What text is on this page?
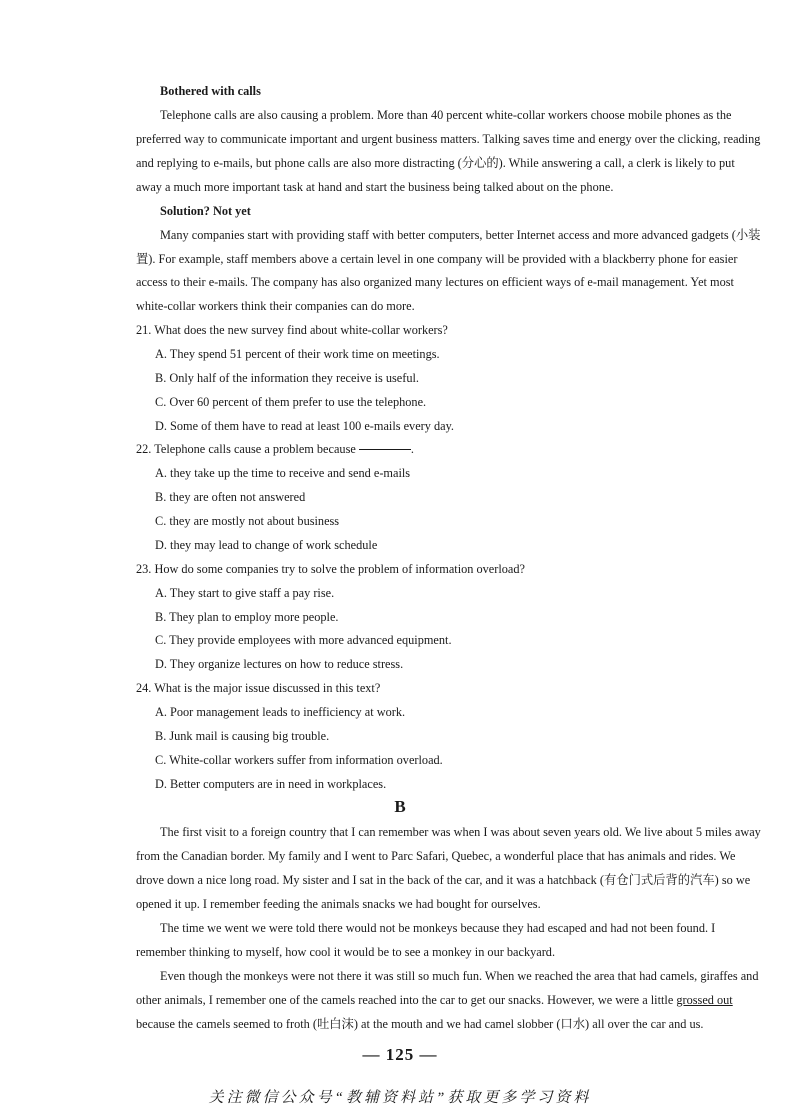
Bothered with calls
Telephone calls are also causing a problem. More than 40 percent white-collar workers choose mobile phones as the
preferred way to communicate important and urgent business matters. Talking saves time and energy over the clicking, reading
and replying to e-mails, but phone calls are also more distracting (分心的). While answering a call, a clerk is likely to put
away a much more important task at hand and start the business being talked about on the phone.
Solution? Not yet
Many companies start with providing staff with better computers, better Internet access and more advanced gadgets (小装
置). For example, staff members above a certain level in one company will be provided with a blackberry phone for easier
access to their e-mails. The company has also organized many lectures on efficient ways of e-mail management. Yet most
white-collar workers think their companies can do more.
21. What does the new survey find about white-collar workers?
A. They spend 51 percent of their work time on meetings.
B. Only half of the information they receive is useful.
C. Over 60 percent of them prefer to use the telephone.
D. Some of them have to read at least 100 e-mails every day.
22. Telephone calls cause a problem because	.
A. they take up the time to receive and send e-mails
B. they are often not answered
C. they are mostly not about business
D. they may lead to change of work schedule
23. How do some companies try to solve the problem of information overload?
A. They start to give staff a pay rise.
B. They plan to employ more people.
C. They provide employees with more advanced equipment.
D. They organize lectures on how to reduce stress.
24. What is the major issue discussed in this text?
A. Poor management leads to inefficiency at work.
B. Junk mail is causing big trouble.
C. White-collar workers suffer from information overload.
D. Better computers are in need in workplaces.
B
The first visit to a foreign country that I can remember was when I was about seven years old. We live about 5 miles away
from the Canadian border. My family and I went to Parc Safari, Quebec, a wonderful place that has animals and rides. We
drove down a nice long road. My sister and I sat in the back of the car, and it was a hatchback (有仓门式后背的汽车) so we
opened it up. I remember feeding the animals snacks we had bought for ourselves.
The time we went we were told there would not be monkeys because they had escaped and had not been found. I
remember thinking to myself, how cool it would be to see a monkey in our backyard.
Even though the monkeys were not there it was still so much fun. When we reached the area that had camels, giraffes and
other animals, I remember one of the camels reached into the car to get our snacks. However, we were a little grossed out
because the camels seemed to froth (吐白沫) at the mouth and we had camel slobber (口水) all over the car and us.
— 125 —
关注微信公众号“教辅资料站”获取更多学习资料
